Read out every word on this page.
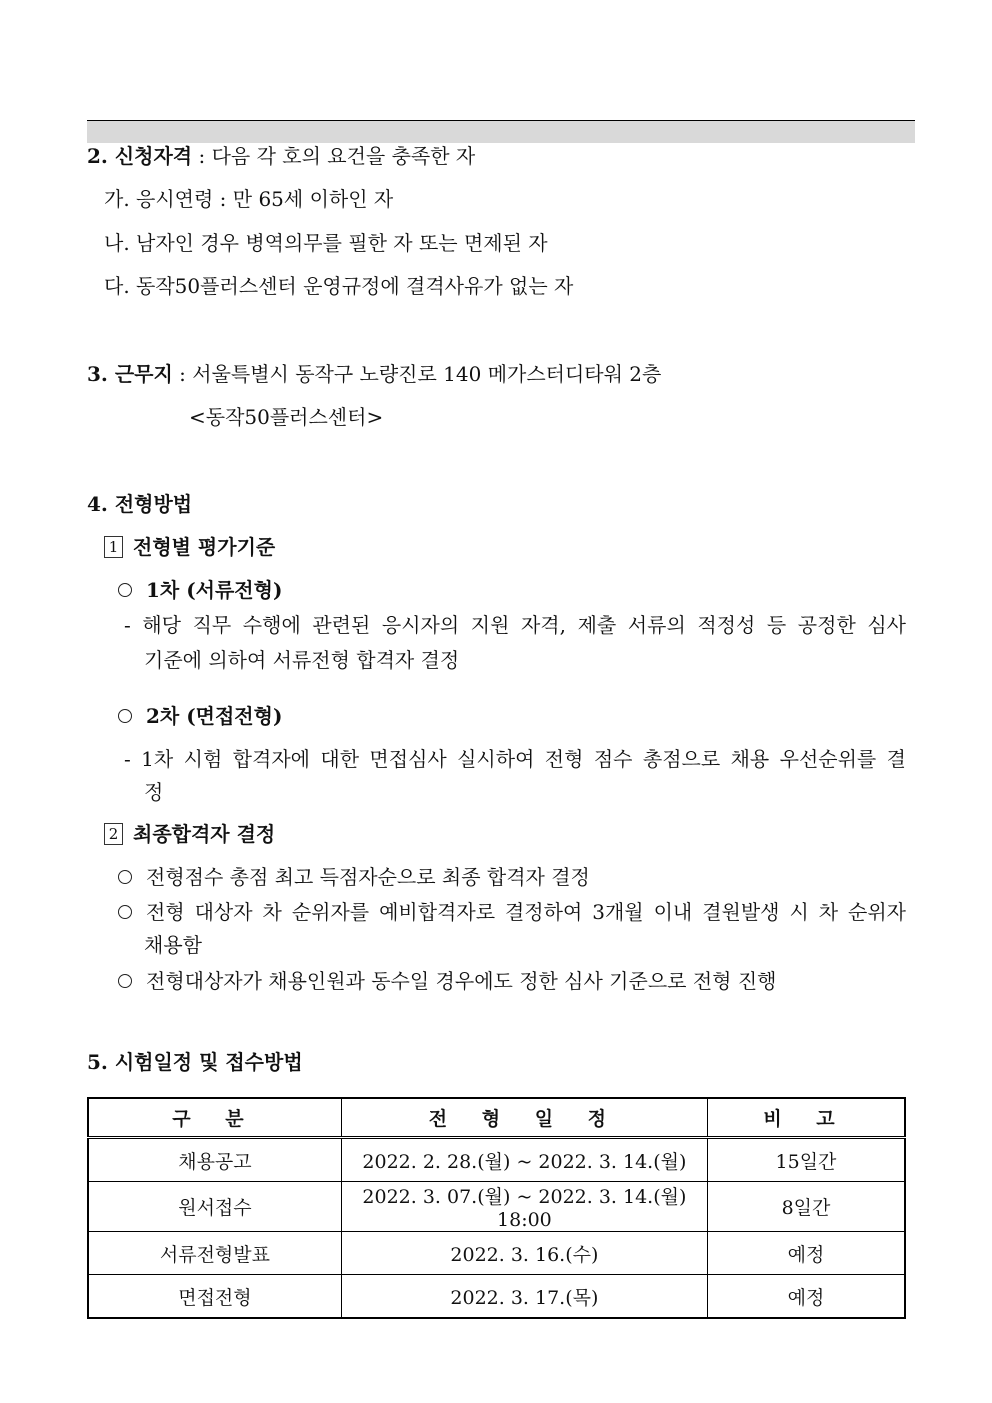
2. 신청자격 : 다음 각 호의 요건을 충족한 자
가. 응시연령 : 만 65세 이하인 자
나. 남자인 경우 병역의무를 필한 자 또는 면제된 자
다. 동작50플러스센터 운영규정에 결격사유가 없는 자
3. 근무지 : 서울특별시 동작구 노량진로 140 메가스터디타워 2층
<동작50플러스센터>
4. 전형방법
1 전형별 평가기준
1차 (서류전형)
- 해당 직무 수행에 관련된 응시자의 지원 자격, 제출 서류의 적정성 등 공정한 심사
기준에 의하여 서류전형 합격자 결정
2차 (면접전형)
- 1차 시험 합격자에 대한 면접심사 실시하여 전형 점수 총점으로 채용 우선순위를 결
정
2 최종합격자 결정
전형점수 총점 최고 득점자순으로 최종 합격자 결정
전형 대상자 차 순위자를 예비합격자로 결정하여 3개월 이내 결원발생 시 차 순위자
채용함
전형대상자가 채용인원과 동수일 경우에도 정한 심사 기준으로 전형 진행
5. 시험일정 및 접수방법
구 분	전 형 일 정	비 고
채용공고	2022. 2. 28.(월) ~ 2022. 3. 14.(월)	15일간
원서접수	2022. 3. 07.(월) ~ 2022. 3. 14.(월) 18:00	8일간
서류전형발표	2022. 3. 16.(수)	예정
면접전형	2022. 3. 17.(목)	예정
